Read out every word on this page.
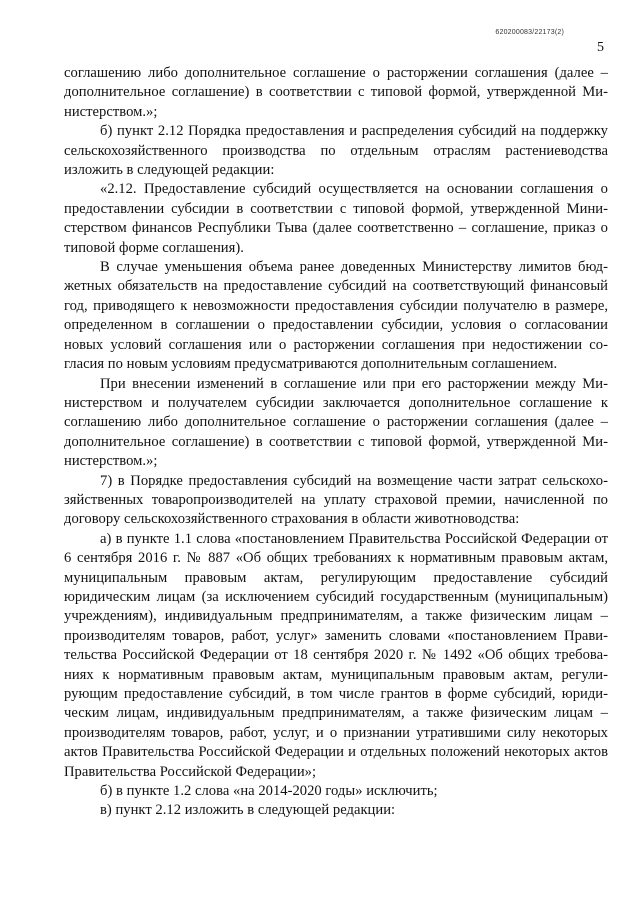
620200083/22173(2)
5

соглашению либо дополнительное соглашение о расторжении соглашения (далее – дополнительное соглашение) в соответствии с типовой формой, утвержденной Министерством.»;

б) пункт 2.12 Порядка предоставления и распределения субсидий на поддержку сельскохозяйственного производства по отдельным отраслям растениеводства изложить в следующей редакции:

«2.12. Предоставление субсидий осуществляется на основании соглашения о предоставлении субсидии в соответствии с типовой формой, утвержденной Министерством финансов Республики Тыва (далее соответственно – соглашение, приказ о типовой форме соглашения).

В случае уменьшения объема ранее доведенных Министерству лимитов бюджетных обязательств на предоставление субсидий на соответствующий финансовый год, приводящего к невозможности предоставления субсидии получателю в размере, определенном в соглашении о предоставлении субсидии, условия о согласовании новых условий соглашения или о расторжении соглашения при недостижении согласия по новым условиям предусматриваются дополнительным соглашением.

При внесении изменений в соглашение или при его расторжении между Министерством и получателем субсидии заключается дополнительное соглашение к соглашению либо дополнительное соглашение о расторжении соглашения (далее – дополнительное соглашение) в соответствии с типовой формой, утвержденной Министерством.»;

7) в Порядке предоставления субсидий на возмещение части затрат сельскохозяйственных товаропроизводителей на уплату страховой премии, начисленной по договору сельскохозяйственного страхования в области животноводства:

а) в пункте 1.1 слова «постановлением Правительства Российской Федерации от 6 сентября 2016 г. № 887 «Об общих требованиях к нормативным правовым актам, муниципальным правовым актам, регулирующим предоставление субсидий юридическим лицам (за исключением субсидий государственным (муниципальным) учреждениям), индивидуальным предпринимателям, а также физическим лицам – производителям товаров, работ, услуг» заменить словами «постановлением Правительства Российской Федерации от 18 сентября 2020 г. № 1492 «Об общих требованиях к нормативным правовым актам, муниципальным правовым актам, регулирующим предоставление субсидий, в том числе грантов в форме субсидий, юридическим лицам, индивидуальным предпринимателям, а также физическим лицам – производителям товаров, работ, услуг, и о признании утратившими силу некоторых актов Правительства Российской Федерации и отдельных положений некоторых актов Правительства Российской Федерации»;

б) в пункте 1.2 слова «на 2014-2020 годы» исключить;

в) пункт 2.12 изложить в следующей редакции:
